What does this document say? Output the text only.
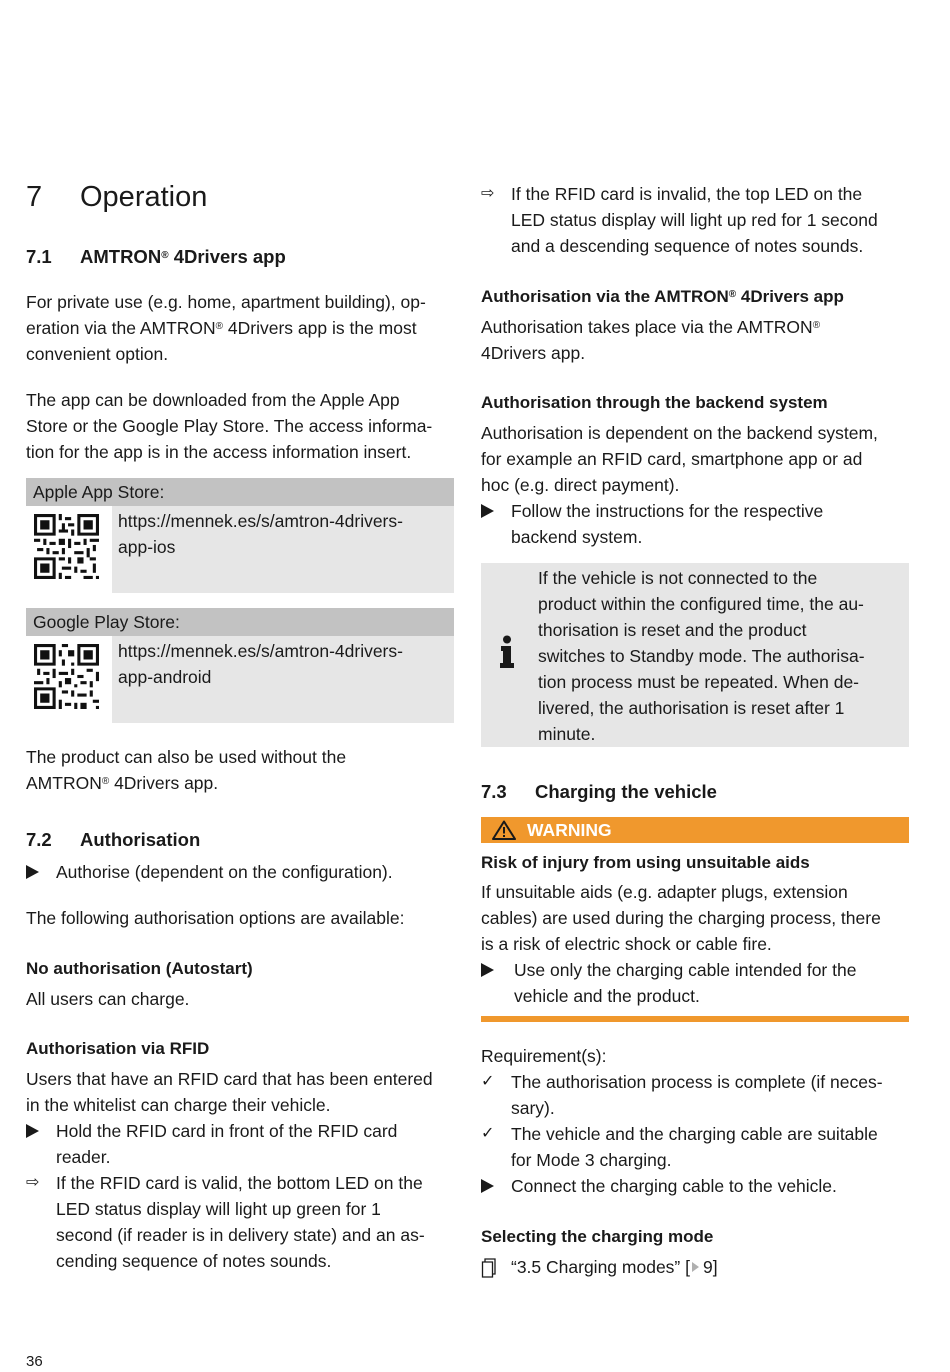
7 Operation
7.1 AMTRON® 4Drivers app

For private use (e.g. home, apartment building), op-

eration via the AMTRON® 4Drivers app is the most

convenient option.

The app can be downloaded from the Apple App

Store or the Google Play Store. The access informa-

tion for the app is in the access information insert.

Apple App Store:

https://mennek.es/s/amtron-4drivers-

app-ios

Google Play Store:

https://mennek.es/s/amtron-4drivers-

app-android

The product can also be used without the

AMTRON® 4Drivers app.

7.2 Authorisation

Authorise (dependent on the configuration).

The following authorisation options are available:

No authorisation (Autostart)

All users can charge.

Authorisation via RFID

Users that have an RFID card that has been entered

in the whitelist can charge their vehicle.

Hold the RFID card in front of the RFID card

reader.

⇨ If the RFID card is valid, the bottom LED on the

LED status display will light up green for 1

second (if reader is in delivery state) and an as-

cending sequence of notes sounds.

⇨ If the RFID card is invalid, the top LED on the

LED status display will light up red for 1 second

and a descending sequence of notes sounds.

Authorisation via the AMTRON® 4Drivers app

Authorisation takes place via the AMTRON®

4Drivers app.

Authorisation through the backend system

Authorisation is dependent on the backend system,

for example an RFID card, smartphone app or ad

hoc (e.g. direct payment).

Follow the instructions for the respective

backend system.

If the vehicle is not connected to the

product within the configured time, the au-

thorisation is reset and the product

switches to Standby mode. The authorisa-

tion process must be repeated. When de-

livered, the authorisation is reset after 1

minute.

7.3 Charging the vehicle
WARNING

Risk of injury from using unsuitable aids

If unsuitable aids (e.g. adapter plugs, extension

cables) are used during the charging process, there

is a risk of electric shock or cable fire.

Use only the charging cable intended for the

vehicle and the product.

Requirement(s):

✓ The authorisation process is complete (if neces-

sary).

✓ The vehicle and the charging cable are suitable

for Mode 3 charging.

Connect the charging cable to the vehicle.

Selecting the charging mode

“3.5 Charging modes” [ 9]

36
